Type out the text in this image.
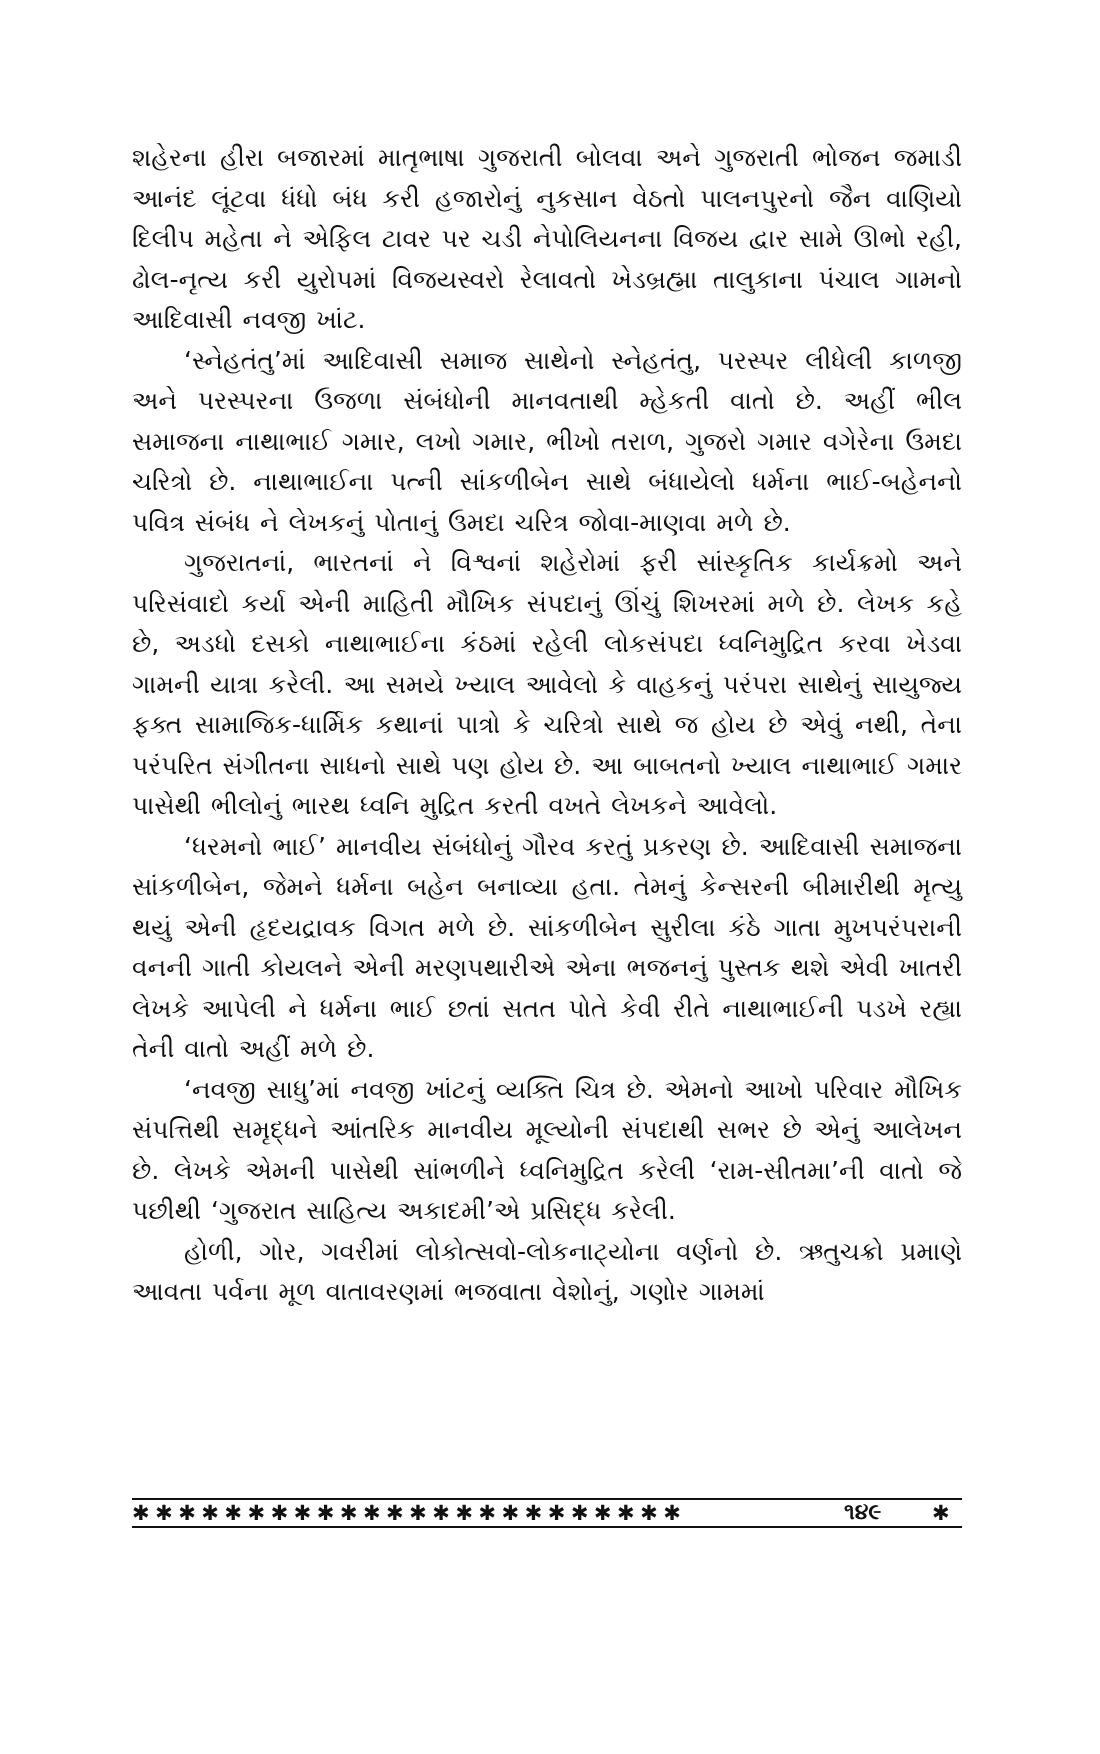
શહેરના હીરા બજારમાં માતૃભાષા ગુજરાતી બોલવા અને ગુજરાતી ભોજન જમાડી આનંદ લૂંટવા ધંધો બંધ કરી હજારોનું નુકસાન વેઠતો પાલનપુરનો જૈન વાણિયો દિલીપ મહેતા ને એફિલ ટાવર પર ચડી નેપોલિયનના વિજય દ્વાર સામે ઊભો રહી, ઢોલ-નૃત્ય કરી યુરોપમાં વિજયસ્વરો રેલાવતો ખેડબ્રહ્મા તાલુકાના પંચાલ ગામનો આદિવાસી નવજી ખાંટ.

‘સ્નેહતંતુ’માં આદિવાસી સમાજ સાથેનો સ્નેહતંતુ, પરસ્પર લીધેલી કાળજી અને પરસ્પરના ઉજળા સંબંધોની માનવતાથી મ્હેકતી વાતો છે. અહીં ભીલ સમાજના નાથાભાઈ ગમાર, લખો ગમાર, ભીખો તરાળ, ગુજરો ગમાર વગેરેના ઉમદા ચરિત્રો છે. નાથાભાઈના પત્ની સાંકળીબેન સાથે બંધાયેલો ધર્મના ભાઈ-બહેનનો પવિત્ર સંબંધ ને લેખકનું પોતાનું ઉમદા ચરિત્ર જોવા-માણવા મળે છે.

ગુજરાતનાં, ભારતનાં ને વિશ્વનાં શહેરોમાં ફરી સાંસ્કૃતિક કાર્યક્રમો અને પરિસંવાદો કર્યા એની માહિતી મૌખિક સંપદાનું ઊંચું શિખરમાં મળે છે. લેખક કહે છે, અડધો દસકો નાથાભાઈના કંઠમાં રહેલી લોકસંપદા ધ્વનિમુદ્રિત કરવા ખેડવા ગામની યાત્રા કરેલી. આ સમયે ખ્યાલ આવેલો કે વાહકનું પરંપરા સાથેનું સાયુજ્ય ફક્ત સામાજિક-ધાર્મિક કથાનાં પાત્રો કે ચરિત્રો સાથે જ હોય છે એવું નથી, તેના પરંપરિત સંગીતના સાધનો સાથે પણ હોય છે. આ બાબતનો ખ્યાલ નાથાભાઈ ગમાર પાસેથી ભીલોનું ભારથ ધ્વનિ મુદ્રિત કરતી વખતે લેખકને આવેલો.

‘ધરમનો ભાઈ’ માનવીય સંબંધોનું ગૌરવ કરતું પ્રકરણ છે. આદિવાસી સમાજના સાંકળીબેન, જેમને ધર્મના બહેન બનાવ્યા હતા. તેમનું કેન્સરની બીમારીથી મૃત્યુ થયું એની હૃદયદ્રાવક વિગત મળે છે. સાંકળીબેન સુરીલા કંઠે ગાતા મુખપરંપરાની વનની ગાતી કોયલને એની મરણપથારીએ એના ભજનનું પુસ્તક થશે એવી ખાતરી લેખકે આપેલી ને ધર્મના ભાઈ છતાં સતત પોતે કેવી રીતે નાથાભાઈની પડખે રહ્યા તેની વાતો અહીં મળે છે.

‘નવજી સાધુ’માં નવજી ખાંટનું વ્યક્તિ ચિત્ર છે. એમનો આખો પરિવાર મૌખિક સંપત્તિથી સમૃદ્ધને આંતરિક માનવીય મૂલ્યોની સંપદાથી સભર છે એનું આલેખન છે. લેખકે એમની પાસેથી સાંભળીને ધ્વનિમુદ્રિત કરેલી ‘રામ-સીતમા’ની વાતો જે પછીથી ‘ગુજરાત સાહિત્ય અકાદમી’એ પ્રસિદ્ધ કરેલી.

હોળી, ગોર, ગવરીમાં લોકોત્સવો-લોકનાટ્યોના વર્ણનો છે. ઋતુચક્રો પ્રમાણે આવતા પર્વના મૂળ વાતાવરણમાં ભજવાતા વેશોનું, ગણોર ગામમાં

✱✱✱✱✱✱✱✱✱✱✱✱✱✱✱✱✱✱✱✱✱✱✱✱	૧૪૯ ✱
